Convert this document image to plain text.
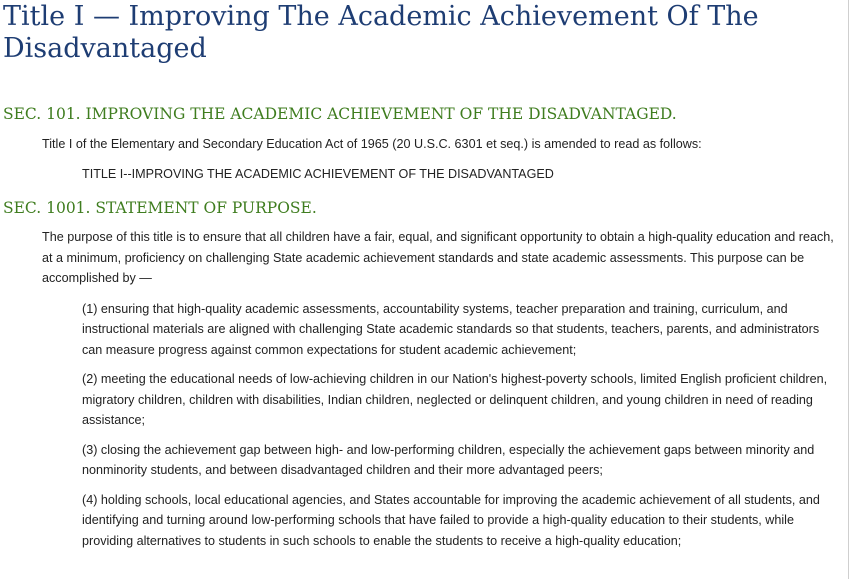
Title I — Improving The Academic Achievement Of The Disadvantaged
SEC. 101. IMPROVING THE ACADEMIC ACHIEVEMENT OF THE DISADVANTAGED.

Title I of the Elementary and Secondary Education Act of 1965 (20 U.S.C. 6301 et seq.) is amended to read as follows:

TITLE I--IMPROVING THE ACADEMIC ACHIEVEMENT OF THE DISADVANTAGED

SEC. 1001. STATEMENT OF PURPOSE.

The purpose of this title is to ensure that all children have a fair, equal, and significant opportunity to obtain a high-quality education and reach, at a minimum, proficiency on challenging State academic achievement standards and state academic assessments. This purpose can be accomplished by —

(1) ensuring that high-quality academic assessments, accountability systems, teacher preparation and training, curriculum, and instructional materials are aligned with challenging State academic standards so that students, teachers, parents, and administrators can measure progress against common expectations for student academic achievement;

(2) meeting the educational needs of low-achieving children in our Nation's highest-poverty schools, limited English proficient children, migratory children, children with disabilities, Indian children, neglected or delinquent children, and young children in need of reading assistance;

(3) closing the achievement gap between high- and low-performing children, especially the achievement gaps between minority and nonminority students, and between disadvantaged children and their more advantaged peers;

(4) holding schools, local educational agencies, and States accountable for improving the academic achievement of all students, and identifying and turning around low-performing schools that have failed to provide a high-quality education to their students, while providing alternatives to students in such schools to enable the students to receive a high-quality education;
